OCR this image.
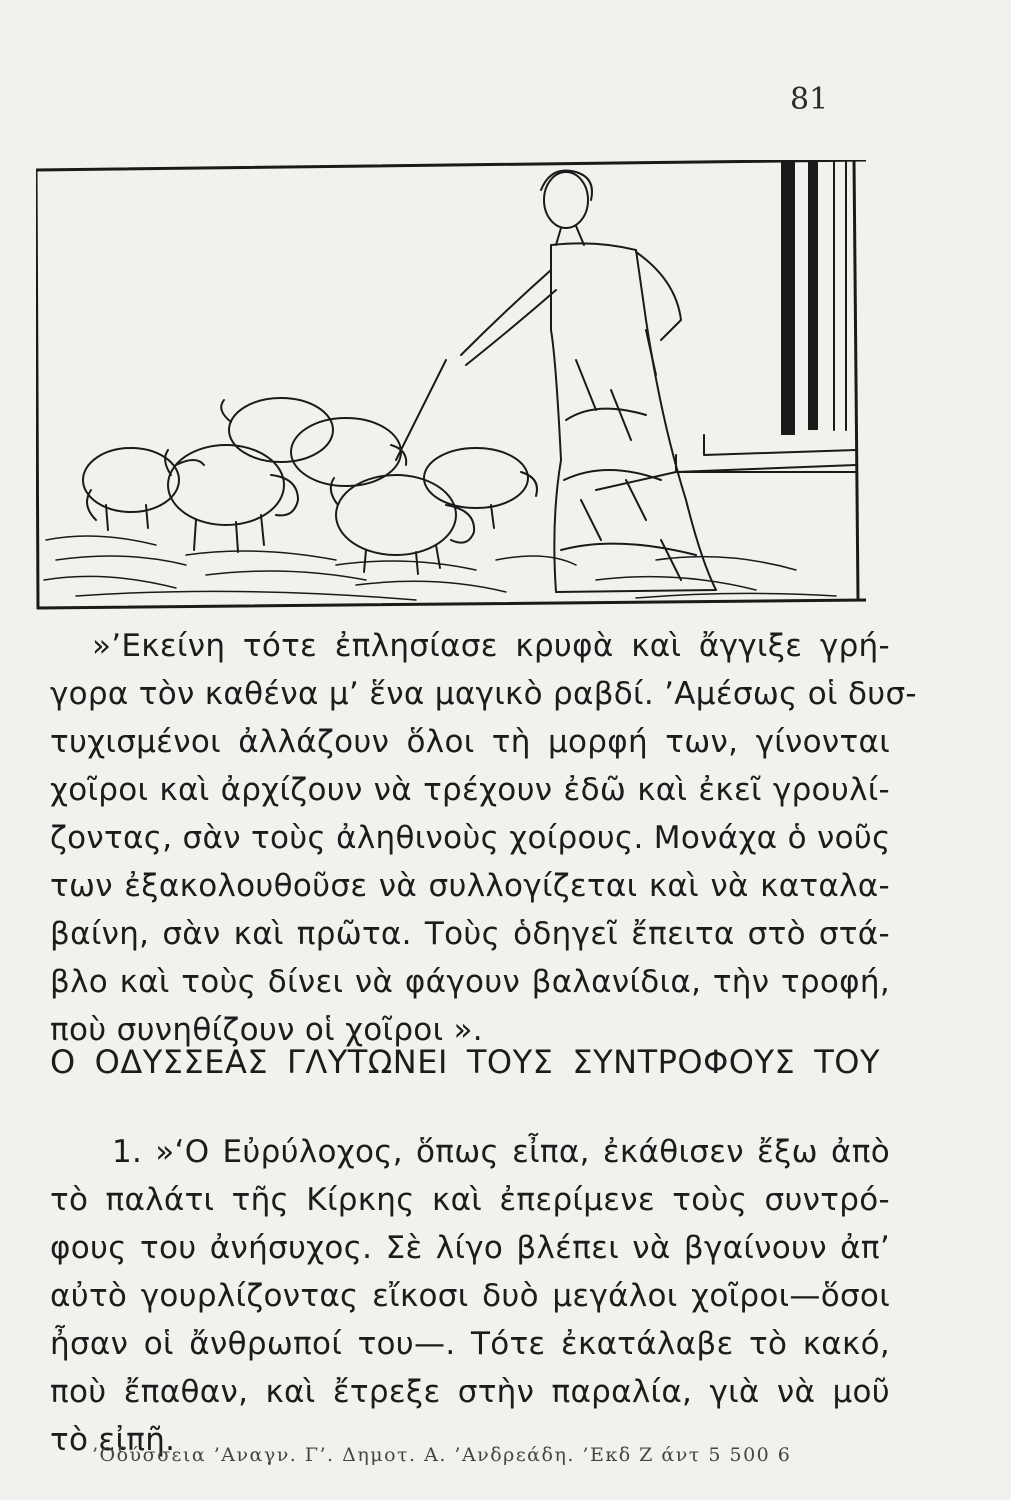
81
»’Εκείνη τότε ἐπλησίασε κρυφὰ καὶ ἄγγιξε γρή-
γορα τὸν καθένα μ’ ἕνα μαγικὸ ραβδί. ’Αμέσως οἱ δυσ-
τυχισμένοι ἀλλάζουν ὅλοι τὴ μορφή των, γίνονται
χοῖροι καὶ ἀρχίζουν νὰ τρέχουν ἐδῶ καὶ ἐκεῖ γρουλί-
ζοντας, σὰν τοὺς ἀληθινοὺς χοίρους. Μονάχα ὁ νοῦς
των ἐξακολουθοῦσε νὰ συλλογίζεται καὶ νὰ καταλα-
βαίνη, σὰν καὶ πρῶτα. Τοὺς ὁδηγεῖ ἔπειτα στὸ στά-
βλο καὶ τοὺς δίνει νὰ φάγουν βαλανίδια, τὴν τροφή,
ποὺ συνηθίζουν οἱ χοῖροι ».
Ο ΟΔΥΣΣΕΑΣ ΓΛΥΤΩΝΕΙ ΤΟΥΣ ΣΥΝΤΡΟΦΟΥΣ ΤΟΥ
1. »‘Ο Εὐρύλοχος, ὅπως εἶπα, ἐκάθισεν ἔξω ἀπὸ
τὸ παλάτι τῆς Κίρκης καὶ ἐπερίμενε τοὺς συντρό-
φους του ἀνήσυχος. Σὲ λίγο βλέπει νὰ βγαίνουν ἀπ’
αὐτὸ γουρλίζοντας εἴκοσι δυὸ μεγάλοι χοῖροι—ὅσοι
ἦσαν οἱ ἄνθρωποί του—. Τότε ἐκατάλαβε τὸ κακό,
ποὺ ἔπαθαν, καὶ ἔτρεξε στὴν παραλία, γιὰ νὰ μοῦ
τὸ εἰπῆ.
’Οδύσσεια ’Αναγν. Γ’. Δημοτ. Α. ’Ανδρεάδη. ’Εκδ Ζ άντ 5 500 6
